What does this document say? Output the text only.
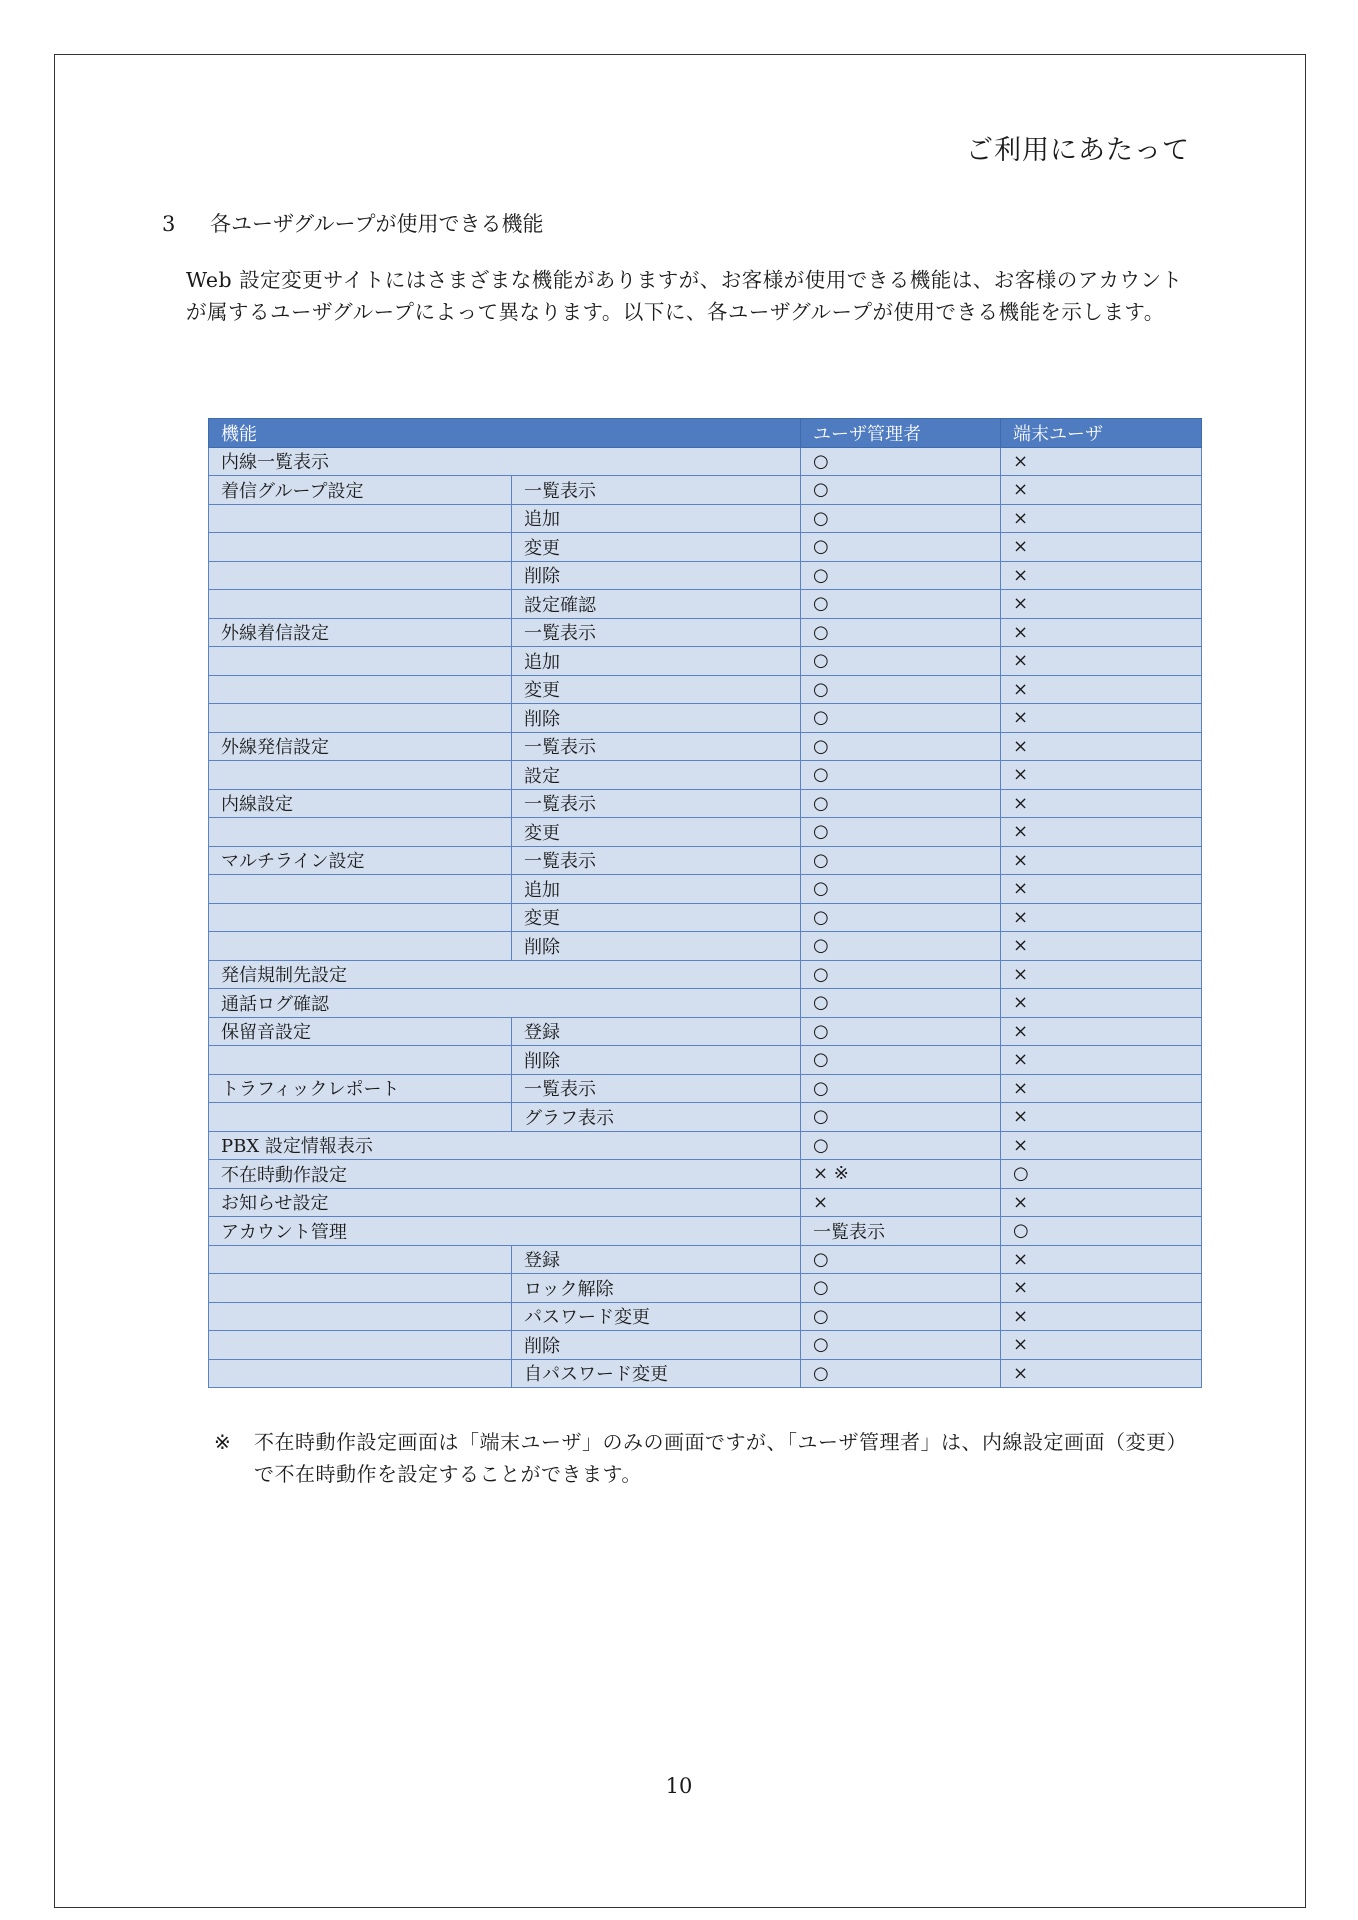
ご利用にあたって
3 各ユーザグループが使用できる機能
Web 設定変更サイトにはさまざまな機能がありますが、お客様が使用できる機能は、お客様のアカウントが属するユーザグループによって異なります。以下に、各ユーザグループが使用できる機能を示します。
機能		ユーザ管理者	端末ユーザ
内線一覧表示		○	×
着信グループ設定	一覧表示	○	×
	追加	○	×
	変更	○	×
	削除	○	×
	設定確認	○	×
外線着信設定	一覧表示	○	×
	追加	○	×
	変更	○	×
	削除	○	×
外線発信設定	一覧表示	○	×
	設定	○	×
内線設定	一覧表示	○	×
	変更	○	×
マルチライン設定	一覧表示	○	×
	追加	○	×
	変更	○	×
	削除	○	×
発信規制先設定		○	×
通話ログ確認		○	×
保留音設定	登録	○	×
	削除	○	×
トラフィックレポート	一覧表示	○	×
	グラフ表示	○	×
PBX 設定情報表示		○	×
不在時動作設定		× ※	○
お知らせ設定		×	×
アカウント管理		一覧表示	○
	登録	○	×
	ロック解除	○	×
	パスワード変更	○	×
	削除	○	×
	自パスワード変更	○	×
※ 不在時動作設定画面は「端末ユーザ」のみの画面ですが、「ユーザ管理者」は、内線設定画面（変更）で不在時動作を設定することができます。
10
